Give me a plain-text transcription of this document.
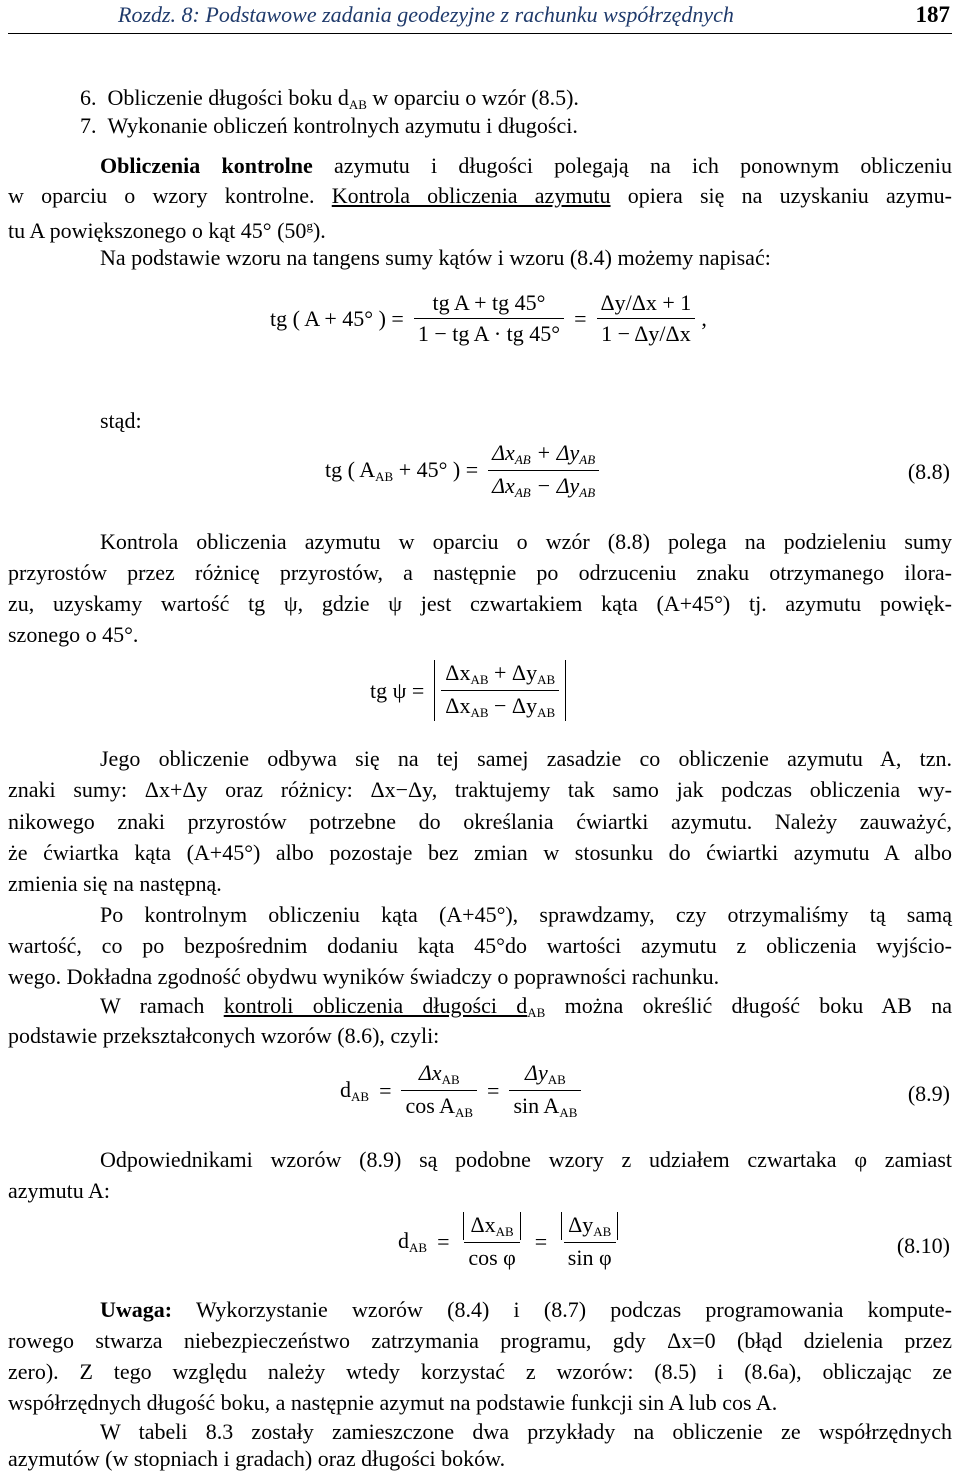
Rozdz. 8: Podstawowe zadania geodezyjne z rachunku współrzędnych	187
6. Obliczenie długości boku $d_{AB}$ w oparciu o wzór (8.5).
7. Wykonanie obliczeń kontrolnych azymutu i długości.
Obliczenia kontrolne azymutu i długości polegają na ich ponownym obliczeniu
w oparciu o wzory kontrolne. Kontrola obliczenia azymutu opiera się na uzyskaniu azymu-
tu A powiększonego o kąt 45° (50$^g$).
Na podstawie wzoru na tangens sumy kątów i wzoru (8.4) możemy napisać:
tg ( A + 45° ) = $\frac{\text{tg A + tg 45°}}{\text{1 − tg A · tg 45°}} = \frac{\Delta y/\Delta x + 1}{1 - \Delta y/\Delta x}$ ,
stąd:
tg ( $A_{AB} + 45^\circ$ ) = $\frac{\Delta x_{AB} + \Delta y_{AB}}{\Delta x_{AB} - \Delta y_{AB}}$	(8.8)
Kontrola obliczenia azymutu w oparciu o wzór (8.8) polega na podzieleniu sumy
przyrostów przez różnicę przyrostów, a następnie po odrzuceniu znaku otrzymanego ilora-
zu, uzyskamy wartość tg ψ, gdzie ψ jest czwartakiem kąta (A+45°) tj. azymutu powięk-
szonego o 45°.
tg $\psi = \frac{\Delta x_{AB} + \Delta y_{AB}}{\Delta x_{AB} - \Delta y_{AB}}$
Jego obliczenie odbywa się na tej samej zasadzie co obliczenie azymutu A, tzn.
znaki sumy: Δx+Δy oraz różnicy: Δx−Δy, traktujemy tak samo jak podczas obliczenia wy-
nikowego znaki przyrostów potrzebne do określania ćwiartki azymutu. Należy zauważyć,
że ćwiartka kąta (A+45°) albo pozostaje bez zmian w stosunku do ćwiartki azymutu A albo
zmienia się na następną.
Po kontrolnym obliczeniu kąta (A+45°), sprawdzamy, czy otrzymaliśmy tą samą
wartość, co po bezpośrednim dodaniu kąta 45°do wartości azymutu z obliczenia wyjścio-
wego. Dokładna zgodność obydwu wyników świadczy o poprawności rachunku.
W ramach kontroli obliczenia długości $d_{AB}$ można określić długość boku AB na
podstawie przekształconych wzorów (8.6), czyli:
$d_{AB} = \frac{\Delta x_{AB}}{\cos A_{AB}} = \frac{\Delta y_{AB}}{\sin A_{AB}}$	(8.9)
Odpowiednikami wzorów (8.9) są podobne wzory z udziałem czwartaka φ zamiast
azymutu A:
$d_{AB} = \frac{\Delta x_{AB}}{\text{cos φ}} = \frac{\Delta y_{AB}}{\text{sin φ}}$	(8.10)
Uwaga: Wykorzystanie wzorów (8.4) i (8.7) podczas programowania kompute-
rowego stwarza niebezpieczeństwo zatrzymania programu, gdy Δx=0 (błąd dzielenia przez
zero). Z tego względu należy wtedy korzystać z wzorów: (8.5) i (8.6a), obliczając ze
współrzędnych długość boku, a następnie azymut na podstawie funkcji sin A lub cos A.
W tabeli 8.3 zostały zamieszczone dwa przykłady na obliczenie ze współrzędnych
azymutów (w stopniach i gradach) oraz długości boków.
